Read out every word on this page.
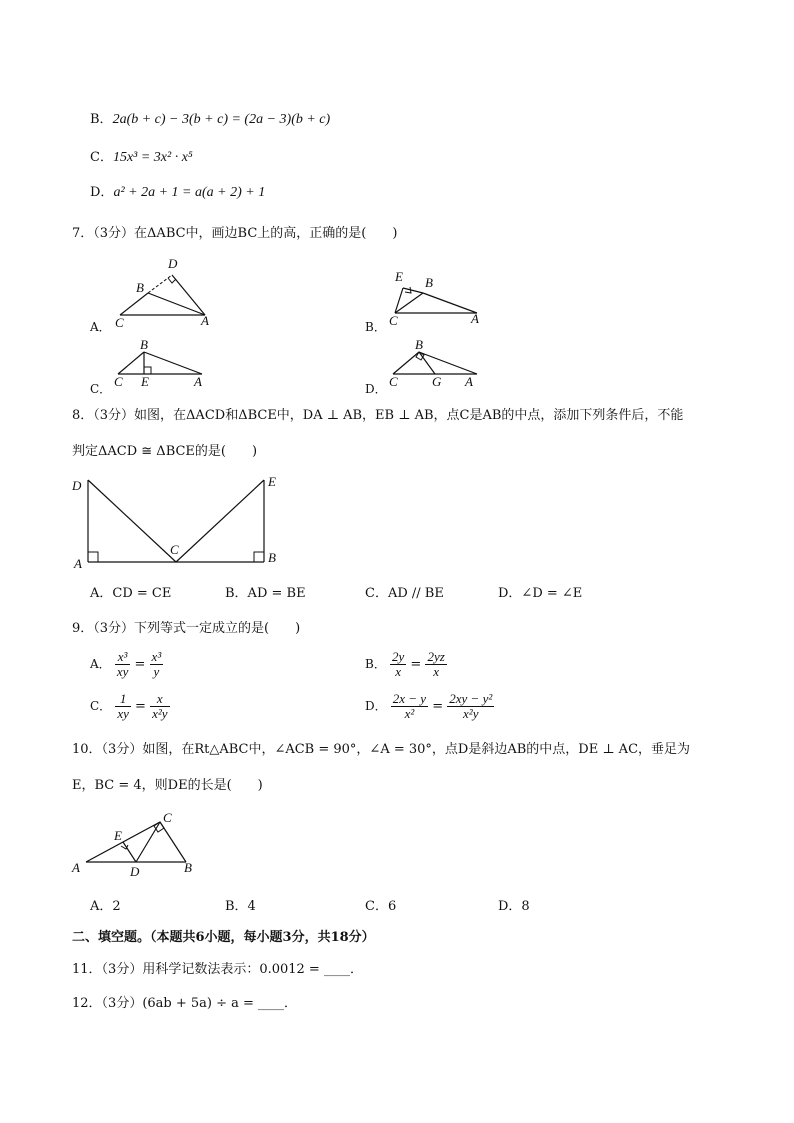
B．2a(b + c) − 3(b + c) = (2a − 3)(b + c)
C．15x³ = 3x² · x⁵
D．a² + 2a + 1 = a(a + 2) + 1
7．（3分）在ΔABC中，画边BC上的高，正确的是(　　)
A．
D
B
C	A	B．
E B
C	A
C．
B
C E	A	D．
B
C	G A
8．（3分）如图，在ΔACD和ΔBCE中，DA ⊥ AB，EB ⊥ AB，点C是AB的中点，添加下列条件后，不能
判定ΔACD ≅ ΔBCE的是(　　)
D	E
C
A	B
A．CD = CE	B．AD = BE	C．AD // BE	D．∠D = ∠E
9．（3分）下列等式一定成立的是(　　)
A． $\frac{\text{x³}}{xy} = \frac{\text{x³}}{y}$	B． $\frac{2y}{x} = \frac{2yz}{x}$
C． $\frac{1}{xy} = \frac{x}{\text{x²y}}$	D． $\frac{2x - y}{\text{x²}} = \frac{\text{2xy − y²}}{\text{x²y}}$
10．（3分）如图，在Rt△ABC中，∠ACB = 90°，∠A = 30°，点D是斜边AB的中点，DE ⊥ AC，垂足为
E，BC = 4，则DE的长是(　　)
C
E
A	D	B
A．2	B．4	C．6	D．8
二、填空题。（本题共6小题，每小题3分，共18分）
11．（3分）用科学记数法表示：0.0012 = ____．
12．（3分）(6ab + 5a) ÷ a = ____．
